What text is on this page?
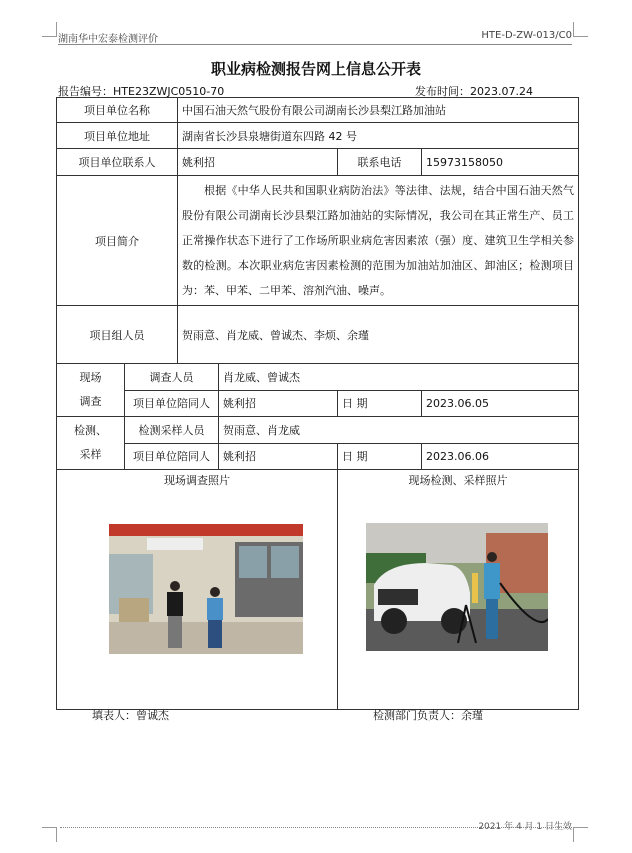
湖南华中宏泰检测评价	HTE-D-ZW-013/C0
职业病检测报告网上信息公开表
报告编号：HTE23ZWJC0510-70	发布时间：2023.07.24
项目单位名称		中国石油天然气股份有限公司湖南长沙县梨江路加油站			
项目单位地址		湖南省长沙县泉塘街道东四路 42 号			
项目单位联系人		姚利招		联系电话	15973158050
项目简介		根据《中华人民共和国职业病防治法》等法律、法规，结合中国石油天然气股份有限公司湖南长沙县梨江路加油站的实际情况，我公司在其正常生产、员工正常操作状态下进行了工作场所职业病危害因素浓（强）度、建筑卫生学相关参数的检测。本次职业病危害因素检测的范围为加油站加油区、卸油区；检测项目为：苯、甲苯、二甲苯、溶剂汽油、噪声。			
项目组人员		贺雨意、肖龙威、曾诚杰、李烦、余瑾			

现场
调查	调查人员		肖龙威、曾诚杰		
	项目单位陪同人		姚利招	日 期	2023.06.05

检测、
采样	检测采样人员		贺雨意、肖龙威		
	项目单位陪同人		姚利招	日 期	2023.06.06

现场调查照片				现场检测、采样照片	
填表人：曾诚杰	检测部门负责人：余瑾
2021 年 4 月 1 日生效
